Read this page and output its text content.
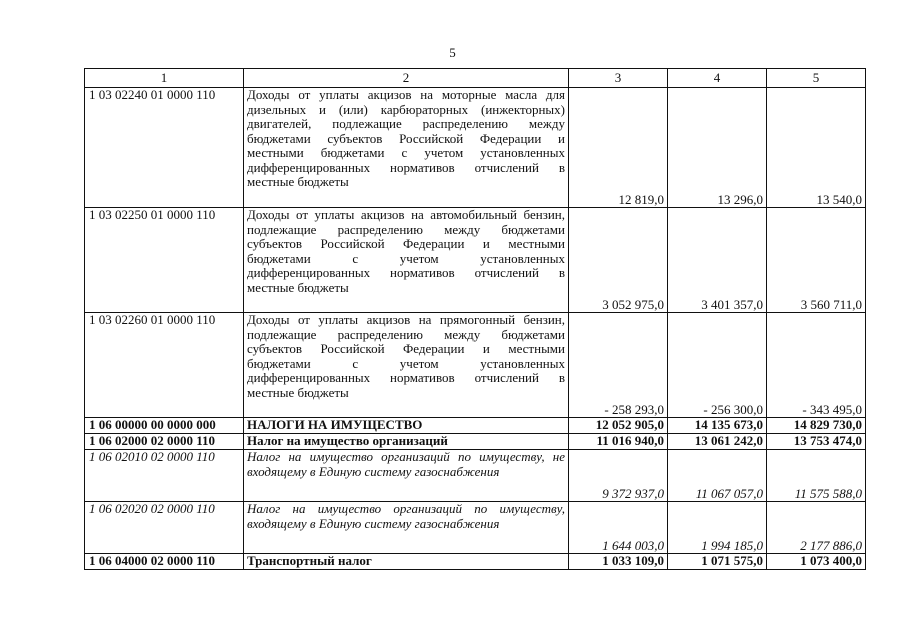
5
1	2	3	4	5
1 03 02240 01 0000 110	Доходы от уплаты акцизов на моторные масла для дизельных и (или) карбюраторных (инжекторных) двигателей, подлежащие распределению между бюджетами субъектов Российской Федерации и местными бюджетами с учетом установленных дифференцированных нормативов отчислений в местные бюджеты	12 819,0	13 296,0	13 540,0
1 03 02250 01 0000 110	Доходы от уплаты акцизов на автомобильный бензин, подлежащие распределению между бюджетами субъектов Российской Федерации и местными бюджетами с учетом установленных дифференцированных нормативов отчислений в местные бюджеты	3 052 975,0	3 401 357,0	3 560 711,0
1 03 02260 01 0000 110	Доходы от уплаты акцизов на прямогонный бензин, подлежащие распределению между бюджетами субъектов Российской Федерации и местными бюджетами с учетом установленных дифференцированных нормативов отчислений в местные бюджеты	- 258 293,0	- 256 300,0	- 343 495,0
1 06 00000 00 0000 000	НАЛОГИ НА ИМУЩЕСТВО	12 052 905,0	14 135 673,0	14 829 730,0
1 06 02000 02 0000 110	Налог на имущество организаций	11 016 940,0	13 061 242,0	13 753 474,0
1 06 02010 02 0000 110	Налог на имущество организаций по имуществу, не входящему в Единую систему газоснабжения	9 372 937,0	11 067 057,0	11 575 588,0
1 06 02020 02 0000 110	Налог на имущество организаций по имуществу, входящему в Единую систему газоснабжения	1 644 003,0	1 994 185,0	2 177 886,0
1 06 04000 02 0000 110	Транспортный налог	1 033 109,0	1 071 575,0	1 073 400,0
